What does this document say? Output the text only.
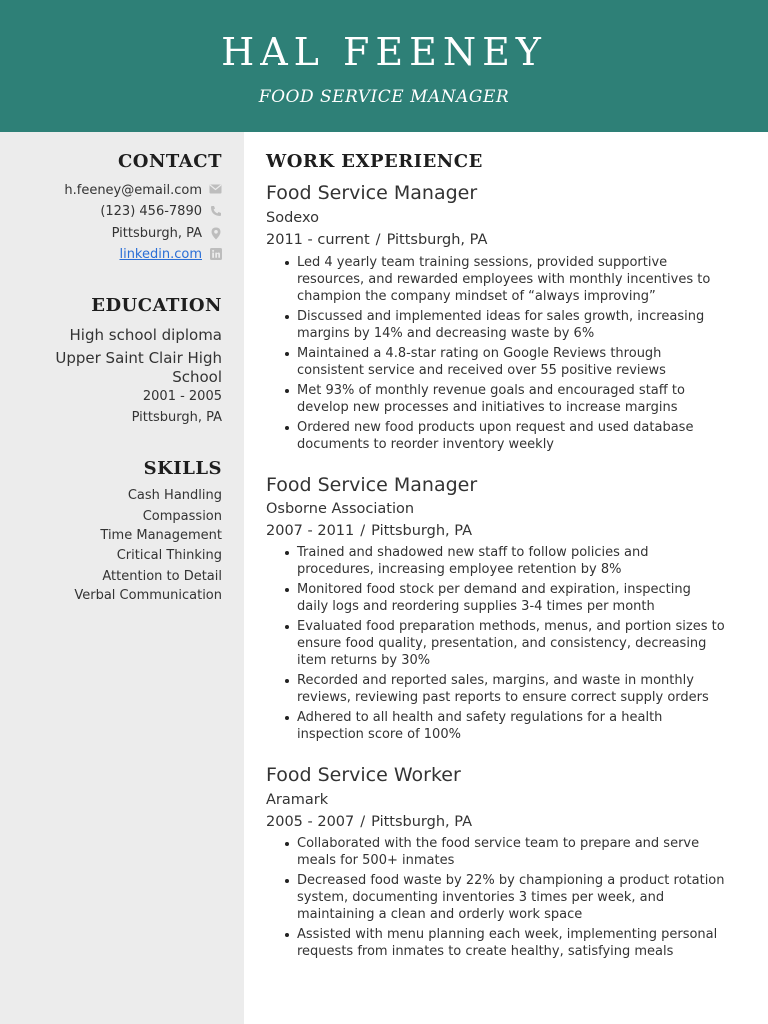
HAL FEENEY
FOOD SERVICE MANAGER
CONTACT
h.feeney@email.com
(123) 456-7890
Pittsburgh, PA
linkedin.com
EDUCATION
High school diploma
Upper Saint Clair High
School
2001 - 2005
Pittsburgh, PA
SKILLS
Cash Handling
Compassion
Time Management
Critical Thinking
Attention to Detail
Verbal Communication
WORK EXPERIENCE
Food Service Manager
Sodexo
2011 - current / Pittsburgh, PA
Led 4 yearly team training sessions, provided supportive resources, and rewarded employees with monthly incentives to champion the company mindset of “always improving”
Discussed and implemented ideas for sales growth, increasing margins by 14% and decreasing waste by 6%
Maintained a 4.8-star rating on Google Reviews through consistent service and received over 55 positive reviews
Met 93% of monthly revenue goals and encouraged staff to develop new processes and initiatives to increase margins
Ordered new food products upon request and used database documents to reorder inventory weekly
Food Service Manager
Osborne Association
2007 - 2011 / Pittsburgh, PA
Trained and shadowed new staff to follow policies and procedures, increasing employee retention by 8%
Monitored food stock per demand and expiration, inspecting daily logs and reordering supplies 3-4 times per month
Evaluated food preparation methods, menus, and portion sizes to ensure food quality, presentation, and consistency, decreasing item returns by 30%
Recorded and reported sales, margins, and waste in monthly reviews, reviewing past reports to ensure correct supply orders
Adhered to all health and safety regulations for a health inspection score of 100%
Food Service Worker
Aramark
2005 - 2007 / Pittsburgh, PA
Collaborated with the food service team to prepare and serve meals for 500+ inmates
Decreased food waste by 22% by championing a product rotation system, documenting inventories 3 times per week, and maintaining a clean and orderly work space
Assisted with menu planning each week, implementing personal requests from inmates to create healthy, satisfying meals
